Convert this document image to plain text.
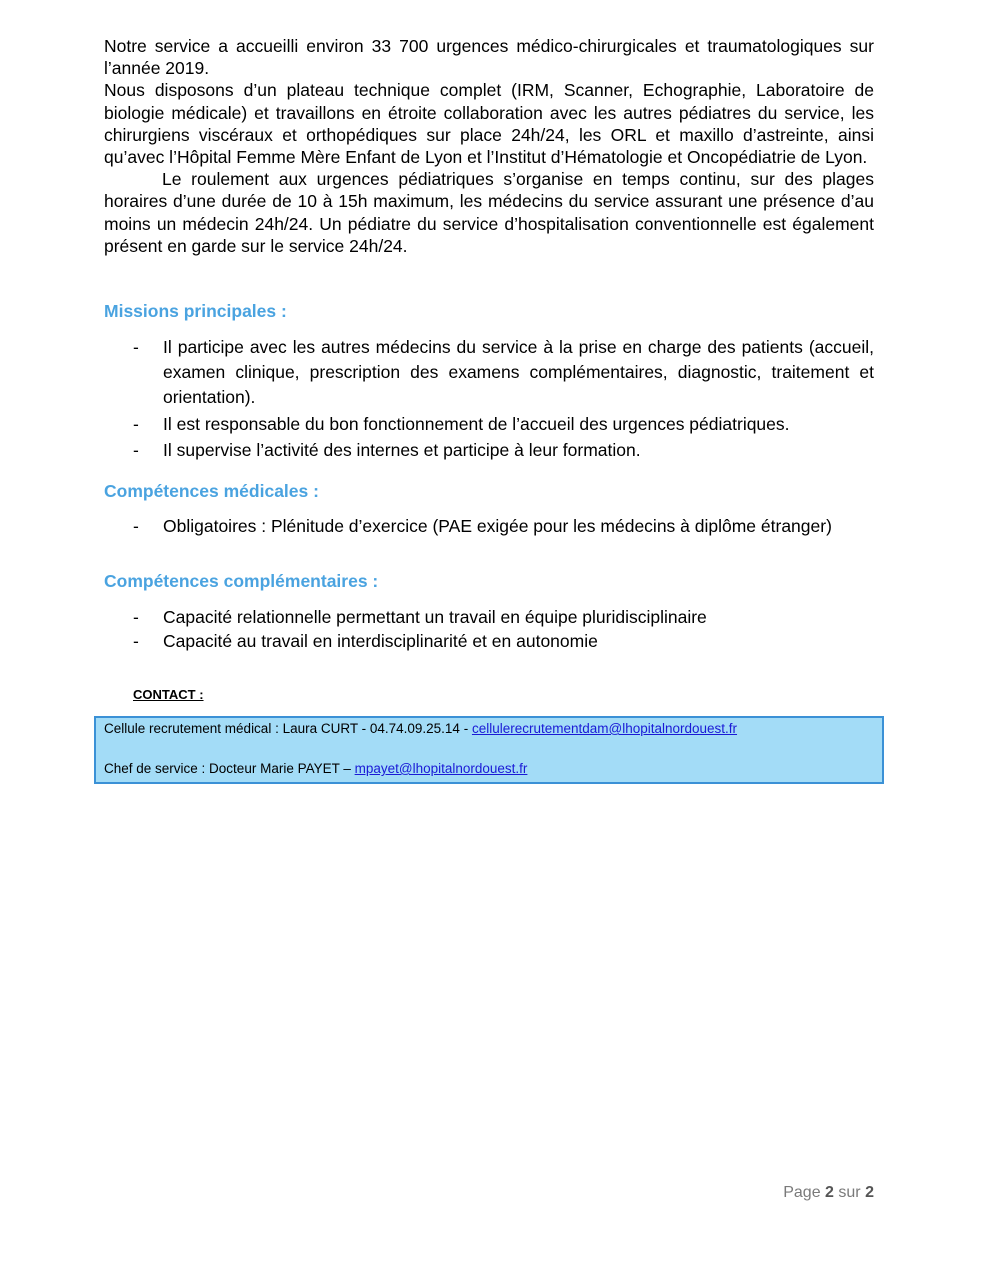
Notre service a accueilli environ 33 700 urgences médico-chirurgicales et traumatologiques sur l’année 2019.

Nous disposons d’un plateau technique complet (IRM, Scanner, Echographie, Laboratoire de biologie médicale) et travaillons en étroite collaboration avec les autres pédiatres du service, les chirurgiens viscéraux et orthopédiques sur place 24h/24, les ORL et maxillo d’astreinte, ainsi qu’avec l’Hôpital Femme Mère Enfant de Lyon et l’Institut d’Hématologie et Oncopédiatrie de Lyon.

Le roulement aux urgences pédiatriques s’organise en temps continu, sur des plages horaires d’une durée de 10 à 15h maximum, les médecins du service assurant une présence d’au moins un médecin 24h/24. Un pédiatre du service d’hospitalisation conventionnelle est également présent en garde sur le service 24h/24.

Missions principales :
- Il participe avec les autres médecins du service à la prise en charge des patients (accueil, examen clinique, prescription des examens complémentaires, diagnostic, traitement et orientation).
- Il est responsable du bon fonctionnement de l’accueil des urgences pédiatriques.
- Il supervise l’activité des internes et participe à leur formation.
Compétences médicales :
- Obligatoires : Plénitude d’exercice (PAE exigée pour les médecins à diplôme étranger)
Compétences complémentaires :
- Capacité relationnelle permettant un travail en équipe pluridisciplinaire
- Capacité au travail en interdisciplinarité et en autonomie
CONTACT :
Cellule recrutement médical : Laura CURT - 04.74.09.25.14 - cellulerecrutementdam@lhopitalnordouest.fr
Chef de service : Docteur Marie PAYET – mpayet@lhopitalnordouest.fr
Page 2 sur 2
